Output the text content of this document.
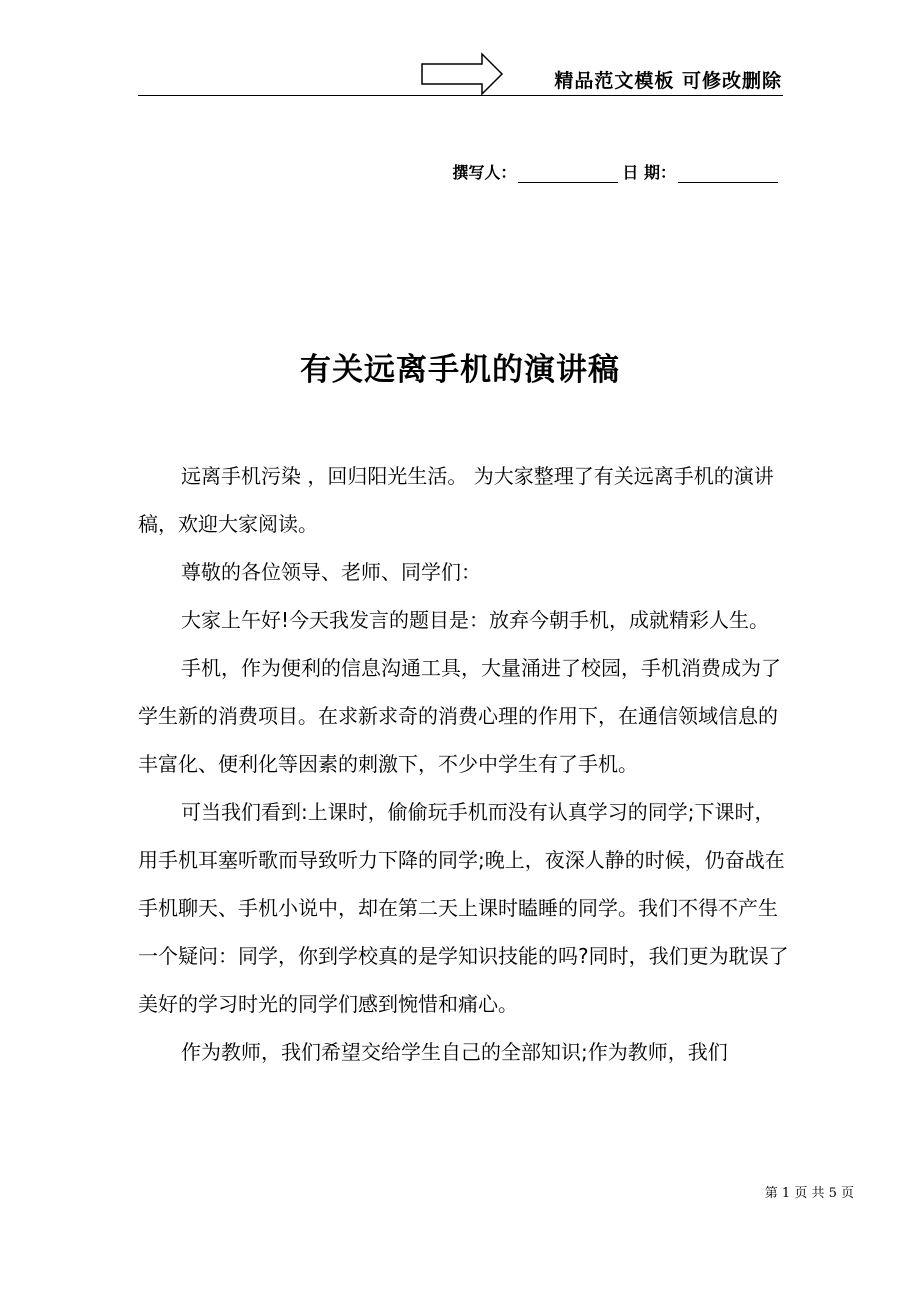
精品范文模板 可修改删除
撰写人：	日 期：
有关远离手机的演讲稿

远离手机污染 ，回归阳光生活。 为大家整理了有关远离手机的演讲稿，欢迎大家阅读。

尊敬的各位领导、老师、同学们：

大家上午好!今天我发言的题目是：放弃今朝手机，成就精彩人生。

手机，作为便利的信息沟通工具，大量涌进了校园，手机消费成为了学生新的消费项目。在求新求奇的消费心理的作用下，在通信领域信息的丰富化、便利化等因素的刺激下，不少中学生有了手机。

可当我们看到:上课时，偷偷玩手机而没有认真学习的同学;下课时，用手机耳塞听歌而导致听力下降的同学;晚上，夜深人静的时候，仍奋战在手机聊天、手机小说中，却在第二天上课时瞌睡的同学。我们不得不产生一个疑问：同学，你到学校真的是学知识技能的吗?同时，我们更为耽误了美好的学习时光的同学们感到惋惜和痛心。

作为教师，我们希望交给学生自己的全部知识;作为教师，我们

第 1 页 共 5 页
